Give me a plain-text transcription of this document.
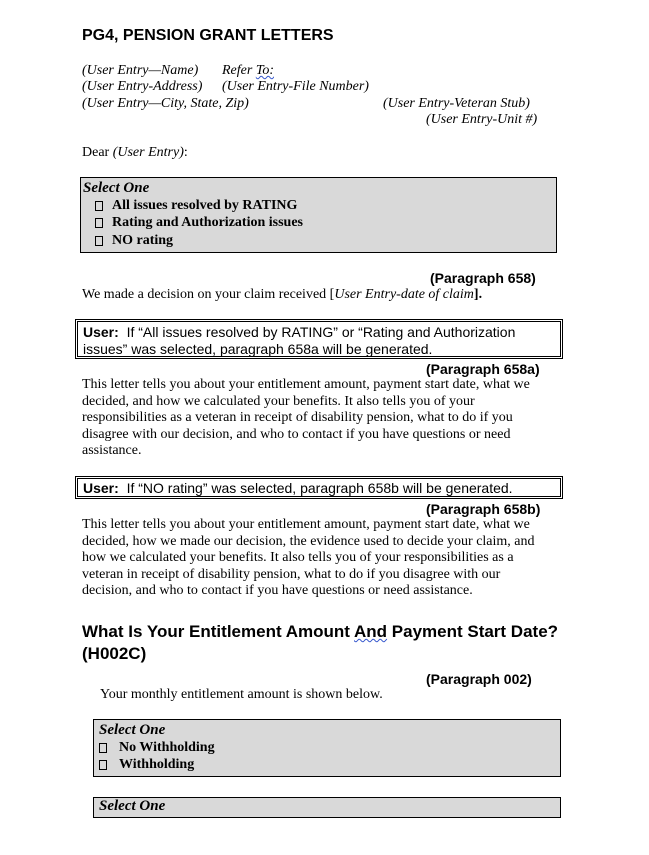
PG4, PENSION GRANT LETTERS
(User Entry—Name) Refer To:
(User Entry-Address) (User Entry-File Number)
(User Entry—City, State, Zip)	(User Entry-Veteran Stub)
(User Entry-Unit #)
Dear (User Entry):
Select One
All issues resolved by RATING
Rating and Authorization issues
NO rating
(Paragraph 658)
We made a decision on your claim received [User Entry-date of claim].
User: If “All issues resolved by RATING” or “Rating and Authorization issues” was selected, paragraph 658a will be generated.
(Paragraph 658a)
This letter tells you about your entitlement amount, payment start date, what we decided, and how we calculated your benefits. It also tells you of your responsibilities as a veteran in receipt of disability pension, what to do if you disagree with our decision, and who to contact if you have questions or need assistance.
User: If “NO rating” was selected, paragraph 658b will be generated.
(Paragraph 658b)
This letter tells you about your entitlement amount, payment start date, what we decided, how we made our decision, the evidence used to decide your claim, and how we calculated your benefits. It also tells you of your responsibilities as a veteran in receipt of disability pension, what to do if you disagree with our decision, and who to contact if you have questions or need assistance.
What Is Your Entitlement Amount And Payment Start Date?
(H002C)
(Paragraph 002)
Your monthly entitlement amount is shown below.
Select One
No Withholding
Withholding
Select One
